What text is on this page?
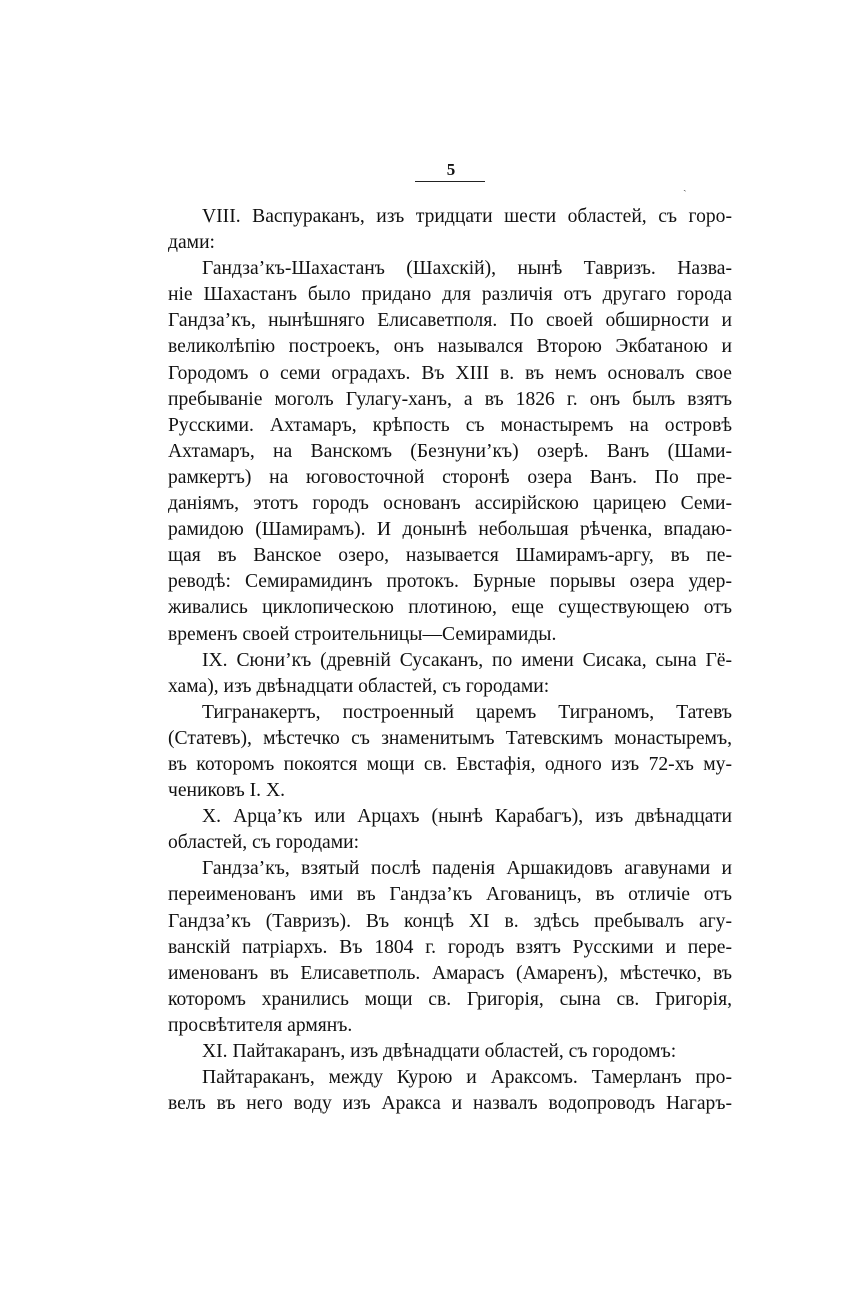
5
ˎ
VIII. Васпураканъ, изъ тридцати шести областей, съ горо-
дами:
Гандза’къ-Шахастанъ (Шахскій), нынѣ Тавризъ. Назва-
ніе Шахастанъ было придано для различія отъ другаго города
Гандза’къ, нынѣшняго Елисаветполя. По своей обширности и
великолѣпію построекъ, онъ назывался Второю Экбатаною и
Городомъ о семи оградахъ. Въ XIII в. въ немъ основалъ свое
пребываніе моголъ Гулагу-ханъ, а въ 1826 г. онъ былъ взятъ
Русскими. Ахтамаръ, крѣпость съ монастыремъ на островѣ
Ахтамаръ, на Ванскомъ (Безнуни’къ) озерѣ. Ванъ (Шами-
рамкертъ) на юговосточной сторонѣ озера Ванъ. По пре-
даніямъ, этотъ городъ основанъ ассирійскою царицею Семи-
рамидою (Шамирамъ). И донынѣ небольшая рѣченка, впадаю-
щая въ Ванское озеро, называется Шамирамъ-аргу, въ пе-
реводѣ: Семирамидинъ протокъ. Бурные порывы озера удер-
живались циклопическою плотиною, еще существующею отъ
временъ своей строительницы—Семирамиды.
IX. Сюни’къ (древній Сусаканъ, по имени Сисака, сына Гё-
хама), изъ двѣнадцати областей, съ городами:
Тигранакертъ, построенный царемъ Тиграномъ, Татевъ
(Статевъ), мѣстечко съ знаменитымъ Татевскимъ монастыремъ,
въ которомъ покоятся мощи св. Евстафія, одного изъ 72-хъ му-
чениковъ І. Х.
X. Арца’къ или Арцахъ (нынѣ Карабагъ), изъ двѣнадцати
областей, съ городами:
Гандза’къ, взятый послѣ паденія Аршакидовъ агавунами и
переименованъ ими въ Гандза’къ Агованицъ, въ отличіе отъ
Гандза’къ (Тавризъ). Въ концѣ XI в. здѣсь пребывалъ агу-
ванскій патріархъ. Въ 1804 г. городъ взятъ Русскими и пере-
именованъ въ Елисаветполь. Амарасъ (Амаренъ), мѣстечко, въ
которомъ хранились мощи св. Григорія, сына св. Григорія,
просвѣтителя армянъ.
XI. Пайтакаранъ, изъ двѣнадцати областей, съ городомъ:
Пайтараканъ, между Курою и Араксомъ. Тамерланъ про-
велъ въ него воду изъ Аракса и назвалъ водопроводъ Нагаръ-
